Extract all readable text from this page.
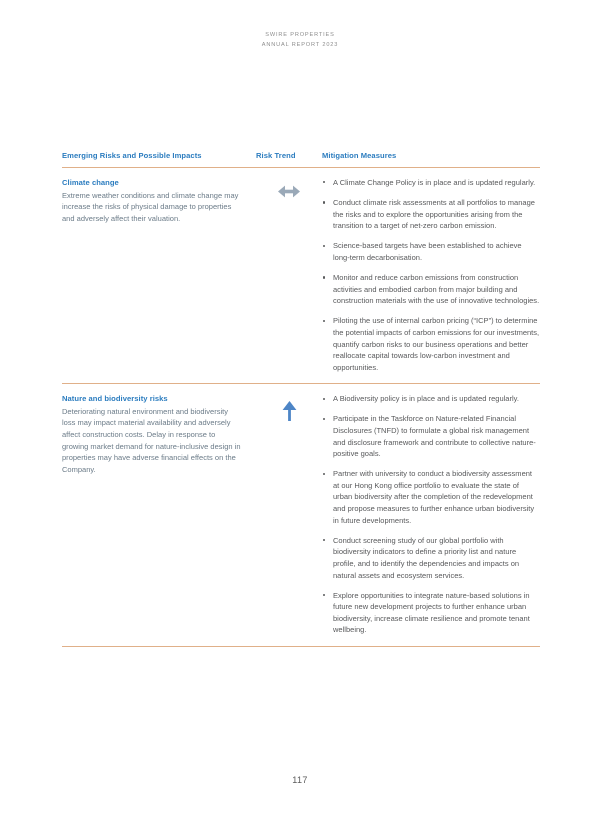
SWIRE PROPERTIES
ANNUAL REPORT 2023
Emerging Risks and Possible Impacts	Risk Trend	Mitigation Measures

Climate change

Extreme weather conditions and climate change may increase the risks of physical damage to properties and adversely affect their valuation.

A Climate Change Policy is in place and is updated regularly.
Conduct climate risk assessments at all portfolios to manage the risks and to explore the opportunities arising from the transition to a target of net-zero carbon emission.
Science-based targets have been established to achieve long-term decarbonisation.
Monitor and reduce carbon emissions from construction activities and embodied carbon from major building and construction materials with the use of innovative technologies.
Piloting the use of internal carbon pricing (“ICP”) to determine the potential impacts of carbon emissions for our investments, quantify carbon risks to our business operations and better reallocate capital towards low-carbon investment and opportunities.

Nature and biodiversity risks

Deteriorating natural environment and biodiversity loss may impact material availability and adversely affect construction costs. Delay in response to growing market demand for nature-inclusive design in properties may have adverse financial effects on the Company.

A Biodiversity policy is in place and is updated regularly.
Participate in the Taskforce on Nature-related Financial Disclosures (TNFD) to formulate a global risk management and disclosure framework and contribute to collective nature-positive goals.
Partner with university to conduct a biodiversity assessment at our Hong Kong office portfolio to evaluate the state of urban biodiversity after the completion of the redevelopment and propose measures to further enhance urban biodiversity in future developments.
Conduct screening study of our global portfolio with biodiversity indicators to define a priority list and nature profile, and to identify the dependencies and impacts on natural assets and ecosystem services.
Explore opportunities to integrate nature-based solutions in future new development projects to further enhance urban biodiversity, increase climate resilience and promote tenant wellbeing.
117
